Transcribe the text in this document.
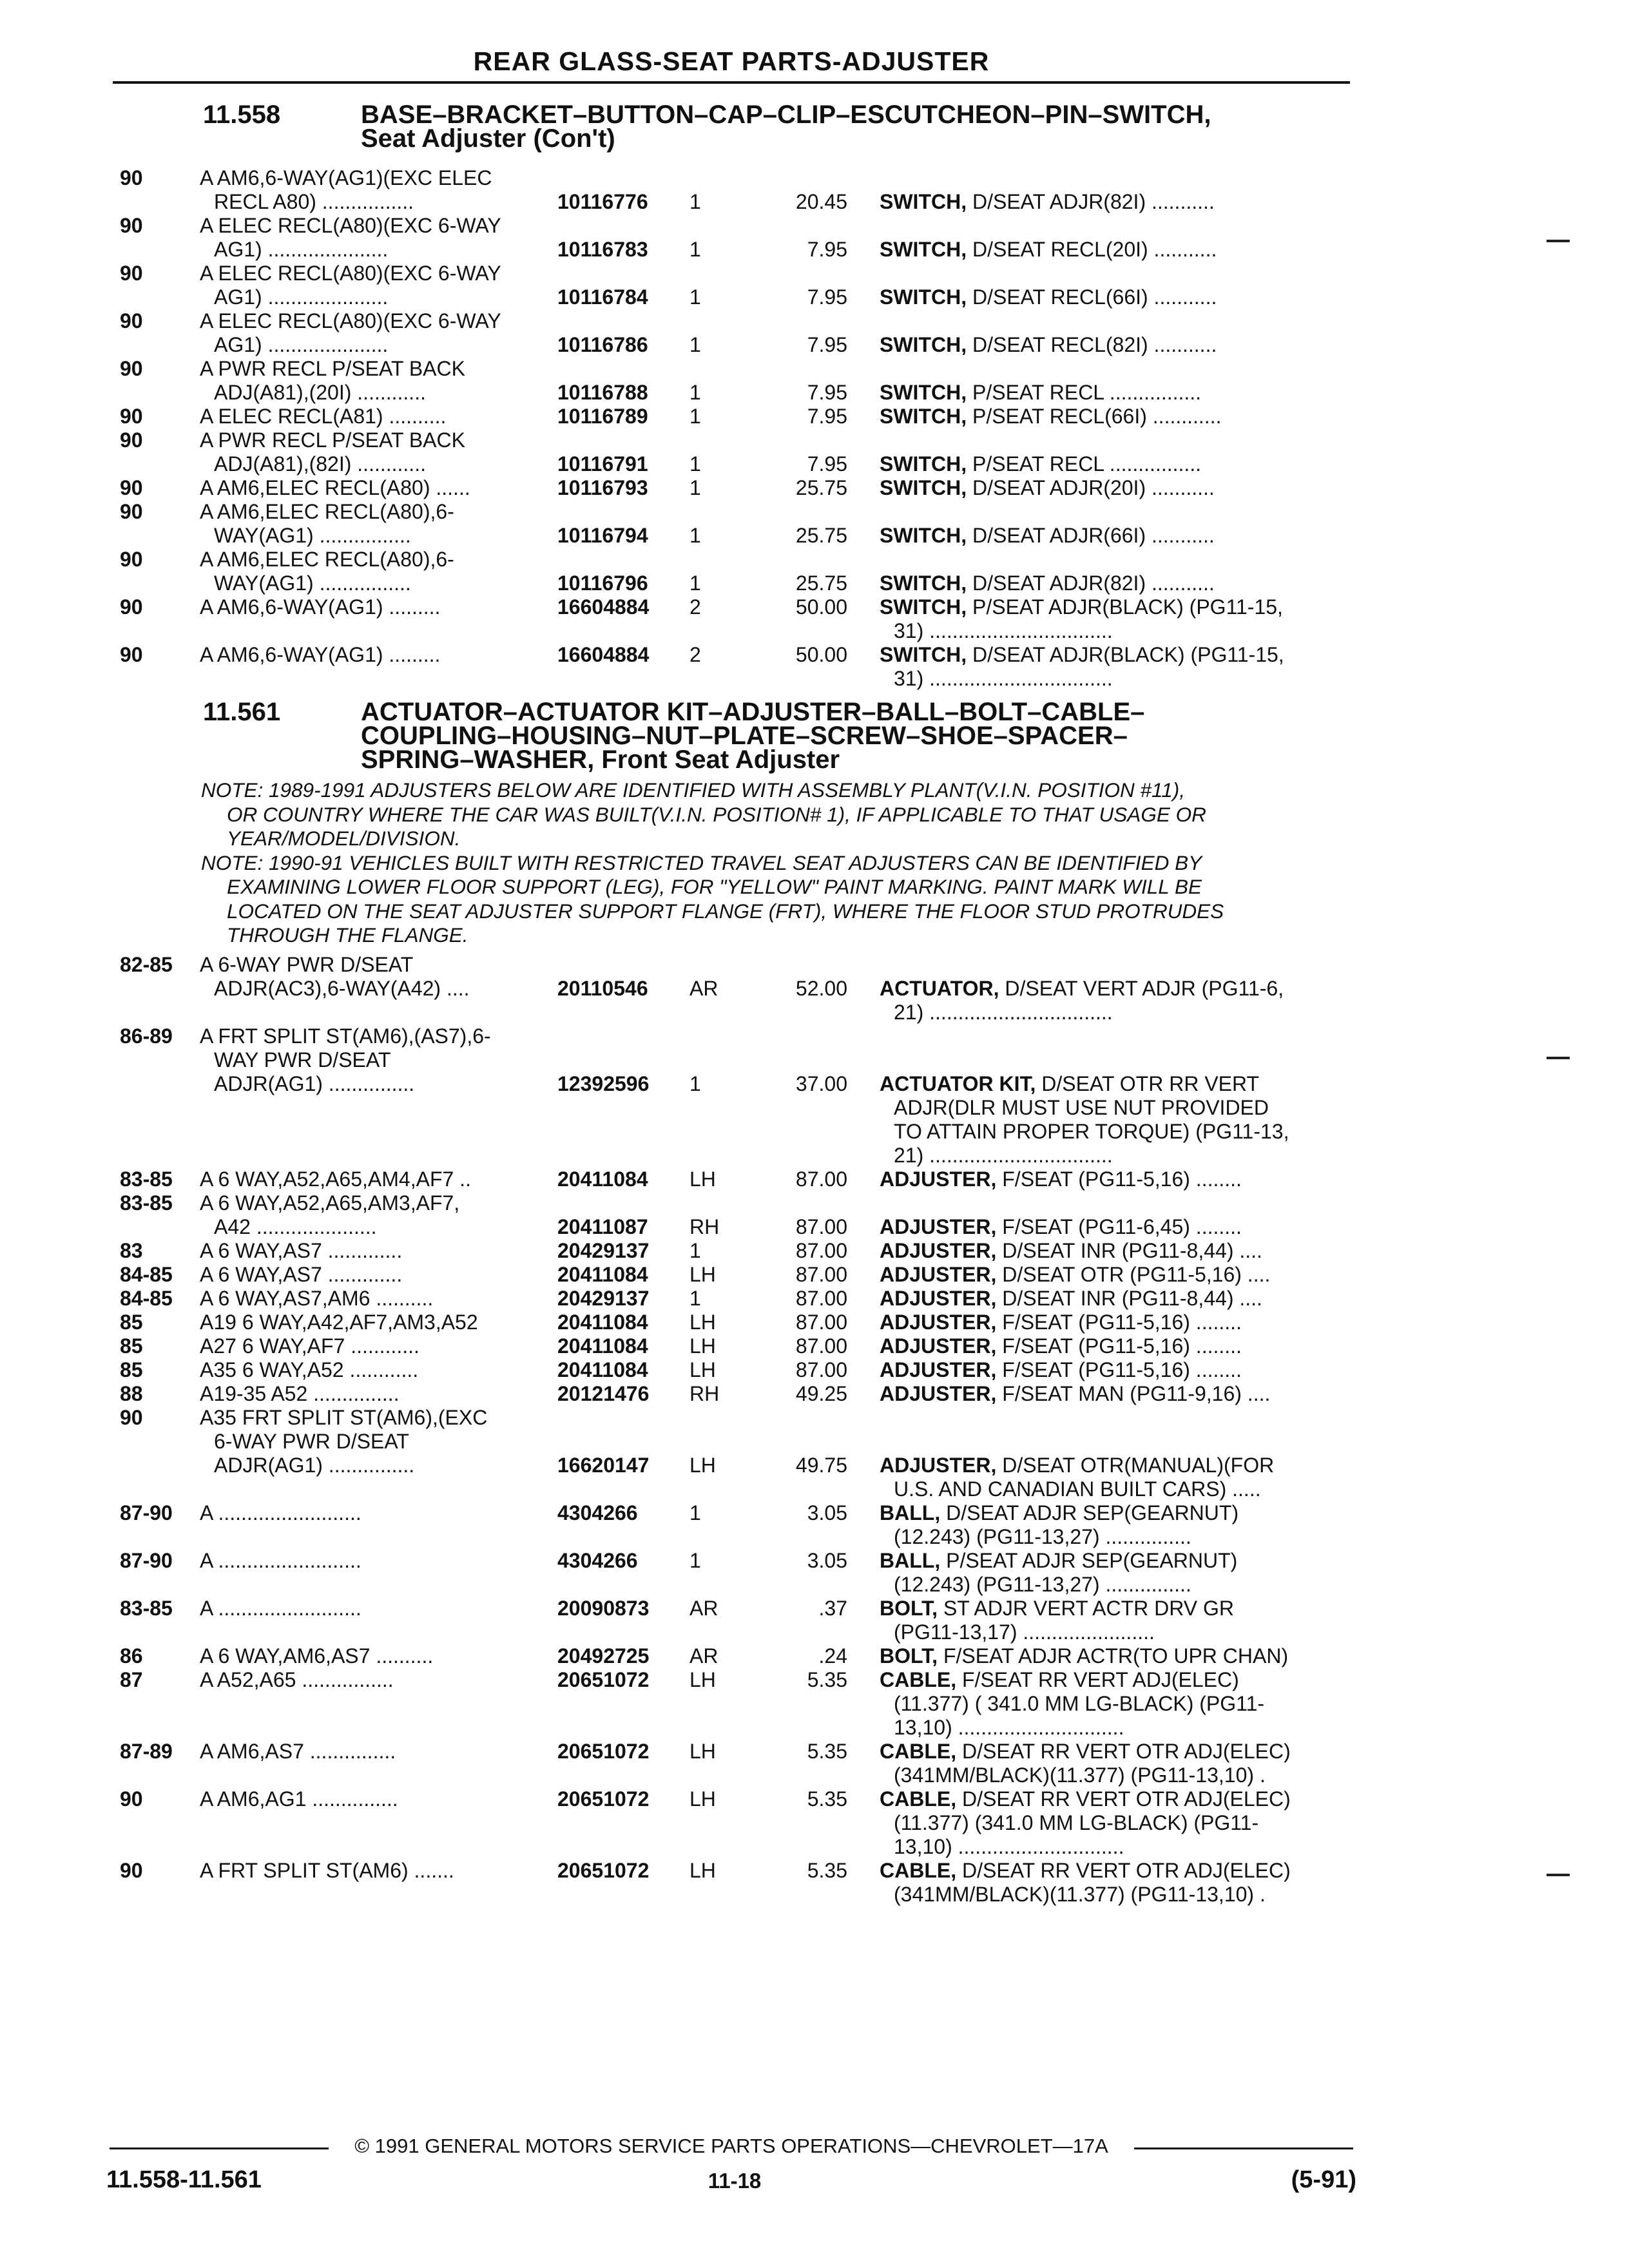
REAR GLASS-SEAT PARTS-ADJUSTER
11.558	BASE–BRACKET–BUTTON–CAP–CLIP–ESCUTCHEON–PIN–SWITCH,
Seat Adjuster (Con't)
11.561	ACTUATOR–ACTUATOR KIT–ADJUSTER–BALL–BOLT–CABLE–
COUPLING–HOUSING–NUT–PLATE–SCREW–SHOE–SPACER–
SPRING–WASHER, Front Seat Adjuster
NOTE: 1989-1991 ADJUSTERS BELOW ARE IDENTIFIED WITH ASSEMBLY PLANT(V.I.N. POSITION #11),
OR COUNTRY WHERE THE CAR WAS BUILT(V.I.N. POSITION# 1), IF APPLICABLE TO THAT USAGE OR
YEAR/MODEL/DIVISION.
NOTE: 1990-91 VEHICLES BUILT WITH RESTRICTED TRAVEL SEAT ADJUSTERS CAN BE IDENTIFIED BY
EXAMINING LOWER FLOOR SUPPORT (LEG), FOR "YELLOW" PAINT MARKING. PAINT MARK WILL BE
LOCATED ON THE SEAT ADJUSTER SUPPORT FLANGE (FRT), WHERE THE FLOOR STUD PROTRUDES
THROUGH THE FLANGE.
90	A AM6,6-WAY(AG1)(EXC ELEC
RECL A80) ................	10116776	1	20.45 SWITCH, D/SEAT ADJR(82I) ...........
90	A ELEC RECL(A80)(EXC 6-WAY
AG1) .....................	10116783	1	7.95 SWITCH, D/SEAT RECL(20I) ...........
90	A ELEC RECL(A80)(EXC 6-WAY
AG1) .....................	10116784	1	7.95 SWITCH, D/SEAT RECL(66I) ...........
90	A ELEC RECL(A80)(EXC 6-WAY
AG1) .....................	10116786	1	7.95 SWITCH, D/SEAT RECL(82I) ...........
90	A PWR RECL P/SEAT BACK
ADJ(A81),(20I) ............	10116788	1	7.95 SWITCH, P/SEAT RECL ................
90	A ELEC RECL(A81) ..........	10116789	1	7.95 SWITCH, P/SEAT RECL(66I) ............
90	A PWR RECL P/SEAT BACK
ADJ(A81),(82I) ............	10116791	1	7.95 SWITCH, P/SEAT RECL ................
90	A AM6,ELEC RECL(A80) ......	10116793	1	25.75 SWITCH, D/SEAT ADJR(20I) ...........
90	A AM6,ELEC RECL(A80),6-
WAY(AG1) ................	10116794	1	25.75 SWITCH, D/SEAT ADJR(66I) ...........
90	A AM6,ELEC RECL(A80),6-
WAY(AG1) ................	10116796	1	25.75 SWITCH, D/SEAT ADJR(82I) ...........
90	A AM6,6-WAY(AG1) .........	16604884	2	50.00 SWITCH, P/SEAT ADJR(BLACK) (PG11-15,
31) ................................
90	A AM6,6-WAY(AG1) .........	16604884	2	50.00 SWITCH, D/SEAT ADJR(BLACK) (PG11-15,
31) ................................
82-85 A 6-WAY PWR D/SEAT
ADJR(AC3),6-WAY(A42) ....	20110546	AR	52.00 ACTUATOR, D/SEAT VERT ADJR (PG11-6,
21) ................................
86-89 A FRT SPLIT ST(AM6),(AS7),6-
WAY PWR D/SEAT
ADJR(AG1) ...............	12392596	1	37.00 ACTUATOR KIT, D/SEAT OTR RR VERT
ADJR(DLR MUST USE NUT PROVIDED
TO ATTAIN PROPER TORQUE) (PG11-13,
21) ................................
83-85 A 6 WAY,A52,A65,AM4,AF7 ..	20411084	LH	87.00 ADJUSTER, F/SEAT (PG11-5,16) ........
83-85 A 6 WAY,A52,A65,AM3,AF7,
A42 .....................	20411087	RH	87.00 ADJUSTER, F/SEAT (PG11-6,45) ........
83	A 6 WAY,AS7 .............	20429137	1	87.00 ADJUSTER, D/SEAT INR (PG11-8,44) ....
84-85 A 6 WAY,AS7 .............	20411084	LH	87.00 ADJUSTER, D/SEAT OTR (PG11-5,16) ....
84-85 A 6 WAY,AS7,AM6 ..........	20429137	1	87.00 ADJUSTER, D/SEAT INR (PG11-8,44) ....
85	A19 6 WAY,A42,AF7,AM3,A52	20411084	LH	87.00 ADJUSTER, F/SEAT (PG11-5,16) ........
85	A27 6 WAY,AF7 ............	20411084	LH	87.00 ADJUSTER, F/SEAT (PG11-5,16) ........
85	A35 6 WAY,A52 ............	20411084	LH	87.00 ADJUSTER, F/SEAT (PG11-5,16) ........
88	A19-35 A52 ...............	20121476	RH	49.25 ADJUSTER, F/SEAT MAN (PG11-9,16) ....
90	A35 FRT SPLIT ST(AM6),(EXC
6-WAY PWR D/SEAT
ADJR(AG1) ...............	16620147	LH	49.75 ADJUSTER, D/SEAT OTR(MANUAL)(FOR
U.S. AND CANADIAN BUILT CARS) .....
87-90 A .........................	4304266	1	3.05 BALL, D/SEAT ADJR SEP(GEARNUT)
(12.243) (PG11-13,27) ...............
87-90 A .........................	4304266	1	3.05 BALL, P/SEAT ADJR SEP(GEARNUT)
(12.243) (PG11-13,27) ...............
83-85 A .........................	20090873	AR	.37 BOLT, ST ADJR VERT ACTR DRV GR
(PG11-13,17) .......................
86	A 6 WAY,AM6,AS7 ..........	20492725	AR	.24 BOLT, F/SEAT ADJR ACTR(TO UPR CHAN)
87	A A52,A65 ................	20651072	LH	5.35 CABLE, F/SEAT RR VERT ADJ(ELEC)
(11.377) ( 341.0 MM LG-BLACK) (PG11-
13,10) .............................
87-89 A AM6,AS7 ...............	20651072	LH	5.35 CABLE, D/SEAT RR VERT OTR ADJ(ELEC)
(341MM/BLACK)(11.377) (PG11-13,10) .
90	A AM6,AG1 ...............	20651072	LH	5.35 CABLE, D/SEAT RR VERT OTR ADJ(ELEC)
(11.377) (341.0 MM LG-BLACK) (PG11-
13,10) .............................
90	A FRT SPLIT ST(AM6) .......	20651072	LH	5.35 CABLE, D/SEAT RR VERT OTR ADJ(ELEC)
(341MM/BLACK)(11.377) (PG11-13,10) .
© 1991 GENERAL MOTORS SERVICE PARTS OPERATIONS—CHEVROLET—17A
11.558-11.561	11-18	(5-91)
